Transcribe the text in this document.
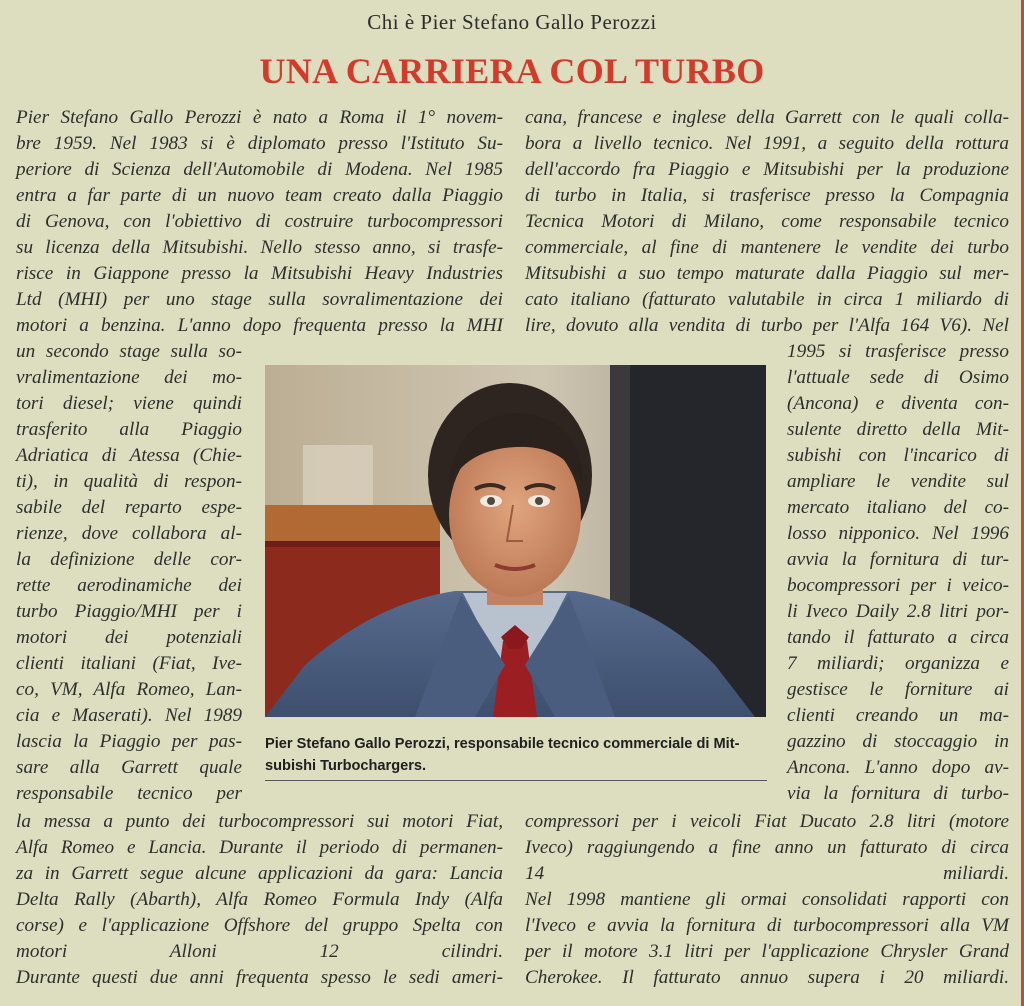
Chi è Pier Stefano Gallo Perozzi
UNA CARRIERA COL TURBO
Pier Stefano Gallo Perozzi è nato a Roma il 1° novem-
bre 1959. Nel 1983 si è diplomato presso l'Istituto Su-
periore di Scienza dell'Automobile di Modena. Nel 1985
entra a far parte di un nuovo team creato dalla Piaggio
di Genova, con l'obiettivo di costruire turbocompressori
su licenza della Mitsubishi. Nello stesso anno, si trasfe-
risce in Giappone presso la Mitsubishi Heavy Industries
Ltd (MHI) per uno stage sulla sovralimentazione dei
motori a benzina. L'anno dopo frequenta presso la MHI
un secondo stage sulla so-
vralimentazione dei mo-
tori diesel; viene quindi
trasferito alla Piaggio
Adriatica di Atessa (Chie-
ti), in qualità di respon-
sabile del reparto espe-
rienze, dove collabora al-
la definizione delle cor-
rette aerodinamiche dei
turbo Piaggio/MHI per i
motori dei potenziali
clienti italiani (Fiat, Ive-
co, VM, Alfa Romeo, Lan-
cia e Maserati). Nel 1989
lascia la Piaggio per pas-
sare alla Garrett quale
responsabile tecnico per
la messa a punto dei turbocompressori sui motori Fiat,
Alfa Romeo e Lancia. Durante il periodo di permanen-
za in Garrett segue alcune applicazioni da gara: Lancia
Delta Rally (Abarth), Alfa Romeo Formula Indy (Alfa
corse) e l'applicazione Offshore del gruppo Spelta con
motori Alloni 12 cilindri.
Durante questi due anni frequenta spesso le sedi ameri-
cana, francese e inglese della Garrett con le quali colla-
bora a livello tecnico. Nel 1991, a seguito della rottura
dell'accordo fra Piaggio e Mitsubishi per la produzione
di turbo in Italia, si trasferisce presso la Compagnia
Tecnica Motori di Milano, come responsabile tecnico
commerciale, al fine di mantenere le vendite dei turbo
Mitsubishi a suo tempo maturate dalla Piaggio sul mer-
cato italiano (fatturato valutabile in circa 1 miliardo di
lire, dovuto alla vendita di turbo per l'Alfa 164 V6). Nel
1995 si trasferisce presso
l'attuale sede di Osimo
(Ancona) e diventa con-
sulente diretto della Mit-
subishi con l'incarico di
ampliare le vendite sul
mercato italiano del co-
losso nipponico. Nel 1996
avvia la fornitura di tur-
bocompressori per i veico-
li Iveco Daily 2.8 litri por-
tando il fatturato a circa
7 miliardi; organizza e
gestisce le forniture ai
clienti creando un ma-
gazzino di stoccaggio in
Ancona. L'anno dopo av-
via la fornitura di turbo-
compressori per i veicoli Fiat Ducato 2.8 litri (motore
Iveco) raggiungendo a fine anno un fatturato di circa
14 miliardi.
Nel 1998 mantiene gli ormai consolidati rapporti con
l'Iveco e avvia la fornitura di turbocompressori alla VM
per il motore 3.1 litri per l'applicazione Chrysler Grand
Cherokee. Il fatturato annuo supera i 20 miliardi.
Pier Stefano Gallo Perozzi, responsabile tecnico commerciale di Mit-
subishi Turbochargers.
